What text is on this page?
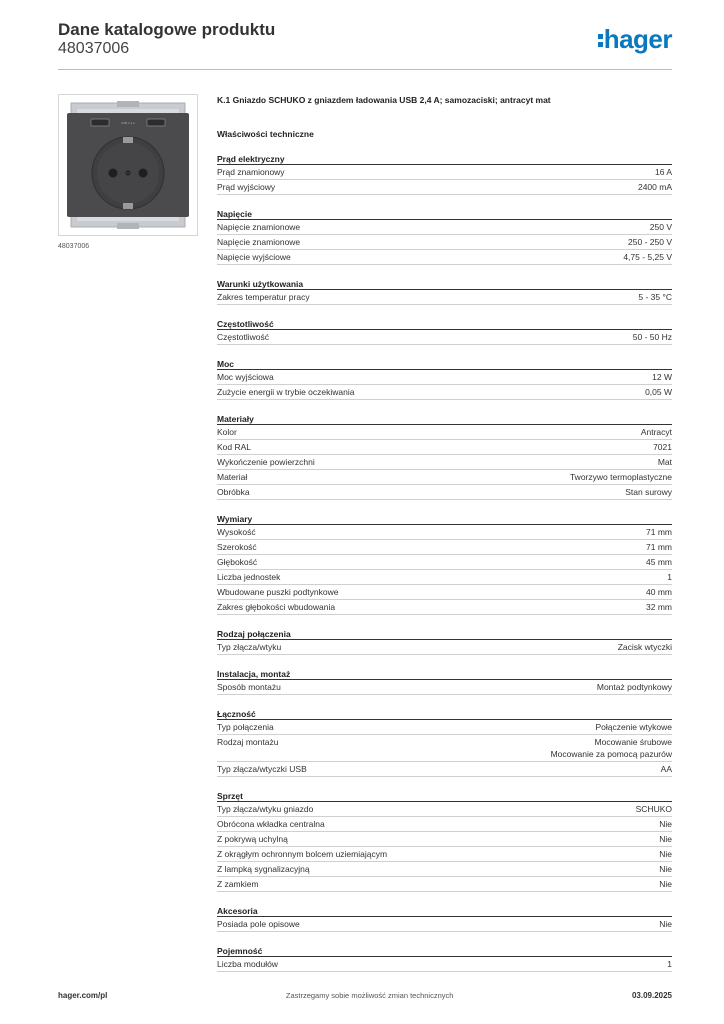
Dane katalogowe produktu
48037006	hager
USB 2,4 A
48037006
K.1 Gniazdo SCHUKO z gniazdem ładowania USB 2,4 A; samozaciski; antracyt mat
Właściwości techniczne
Prąd elektryczny
Prąd znamionowy	16 A
Prąd wyjściowy	2400 mA
Napięcie
Napięcie znamionowe	250 V
Napięcie znamionowe	250 - 250 V
Napięcie wyjściowe	4,75 - 5,25 V
Warunki użytkowania
Zakres temperatur pracy	5 - 35 °C
Częstotliwość
Częstotliwość	50 - 50 Hz
Moc
Moc wyjściowa	12 W
Zużycie energii w trybie oczekiwania	0,05 W
Materiały
Kolor	Antracyt
Kod RAL	7021
Wykończenie powierzchni	Mat
Materiał	Tworzywo termoplastyczne
Obróbka	Stan surowy
Wymiary
Wysokość	71 mm
Szerokość	71 mm
Głębokość	45 mm
Liczba jednostek	1
Wbudowane puszki podtynkowe	40 mm
Zakres głębokości wbudowania	32 mm
Rodzaj połączenia
Typ złącza/wtyku	Zacisk wtyczki
Instalacja, montaż
Sposób montażu	Montaż podtynkowy
Łączność
Typ połączenia	Połączenie wtykowe
Rodzaj montażu	Mocowanie śrubowe
Mocowanie za pomocą pazurów
Typ złącza/wtyczki USB	AA
Sprzęt
Typ złącza/wtyku gniazdo	SCHUKO
Obrócona wkładka centralna	Nie
Z pokrywą uchylną	Nie
Z okrągłym ochronnym bolcem uziemiającym	Nie
Z lampką sygnalizacyjną	Nie
Z zamkiem	Nie
Akcesoria
Posiada pole opisowe	Nie
Pojemność
Liczba modułów	1
hager.com/pl	Zastrzegamy sobie możliwość zmian technicznych	03.09.2025
